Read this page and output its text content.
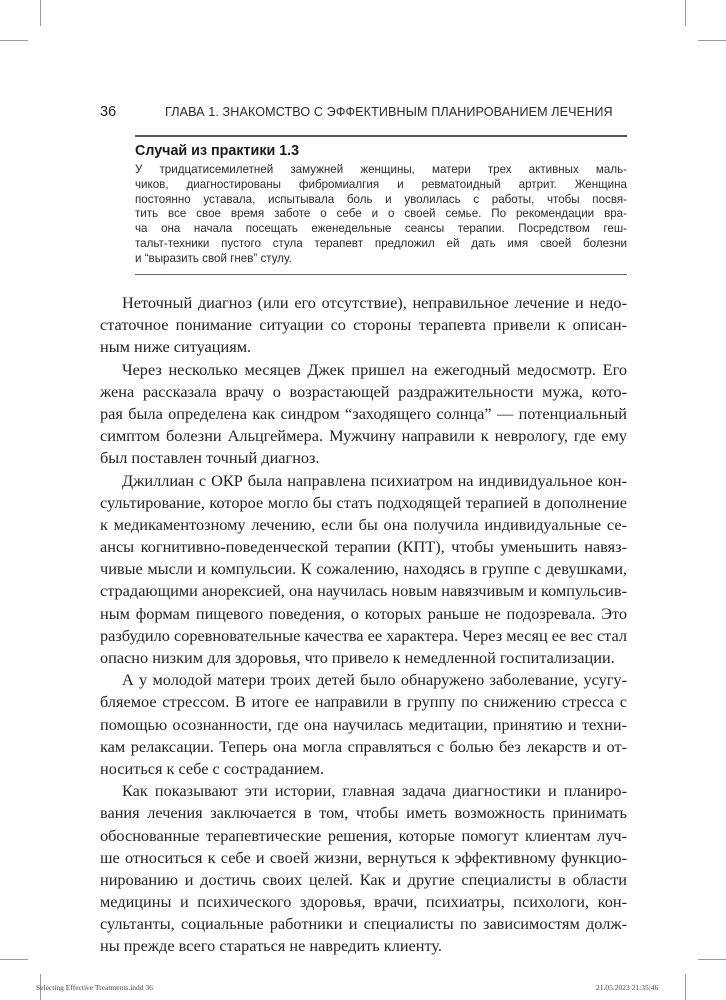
36	ГЛАВА 1. ЗНАКОМСТВО С ЭФФЕКТИВНЫМ ПЛАНИРОВАНИЕМ ЛЕЧЕНИЯ
Случай из практики 1.3
У тридцатисемилетней замужней женщины, матери трех активных маль-
чиков, диагностированы фибромиалгия и ревматоидный артрит. Женщина
постоянно уставала, испытывала боль и уволилась с работы, чтобы посвя-
тить все свое время заботе о себе и о своей семье. По рекомендации вра-
ча она начала посещать еженедельные сеансы терапии. Посредством геш-
тальт-техники пустого стула терапевт предложил ей дать имя своей болезни
и “выразить свой гнев” стулу.
Неточный диагноз (или его отсутствие), неправильное лечение и недо-
статочное понимание ситуации со стороны терапевта привели к описан-
ным ниже ситуациям.
Через несколько месяцев Джек пришел на ежегодный медосмотр. Его
жена рассказала врачу о возрастающей раздражительности мужа, кото-
рая была определена как синдром “заходящего солнца” — потенциальный
симптом болезни Альцгеймера. Мужчину направили к неврологу, где ему
был поставлен точный диагноз.
Джиллиан с ОКР была направлена психиатром на индивидуальное кон-
сультирование, которое могло бы стать подходящей терапией в дополнение
к медикаментозному лечению, если бы она получила индивидуальные се-
ансы когнитивно-поведенческой терапии (КПТ), чтобы уменьшить навяз-
чивые мысли и компульсии. К сожалению, находясь в группе с девушками,
страдающими анорексией, она научилась новым навязчивым и компульсив-
ным формам пищевого поведения, о которых раньше не подозревала. Это
разбудило соревновательные качества ее характера. Через месяц ее вес стал
опасно низким для здоровья, что привело к немедленной госпитализации.
А у молодой матери троих детей было обнаружено заболевание, усугу-
бляемое стрессом. В итоге ее направили в группу по снижению стресса с
помощью осознанности, где она научилась медитации, принятию и техни-
кам релаксации. Теперь она могла справляться с болью без лекарств и от-
носиться к себе с состраданием.
Как показывают эти истории, главная задача диагностики и планиро-
вания лечения заключается в том, чтобы иметь возможность принимать
обоснованные терапевтические решения, которые помогут клиентам луч-
ше относиться к себе и своей жизни, вернуться к эффективному функцио-
нированию и достичь своих целей. Как и другие специалисты в области
медицины и психического здоровья, врачи, психиатры, психологи, кон-
сультанты, социальные работники и специалисты по зависимостям долж-
ны прежде всего стараться не навредить клиенту.
Selecting Effective Treatments.indd 36	21.05.2023 21:35:46
